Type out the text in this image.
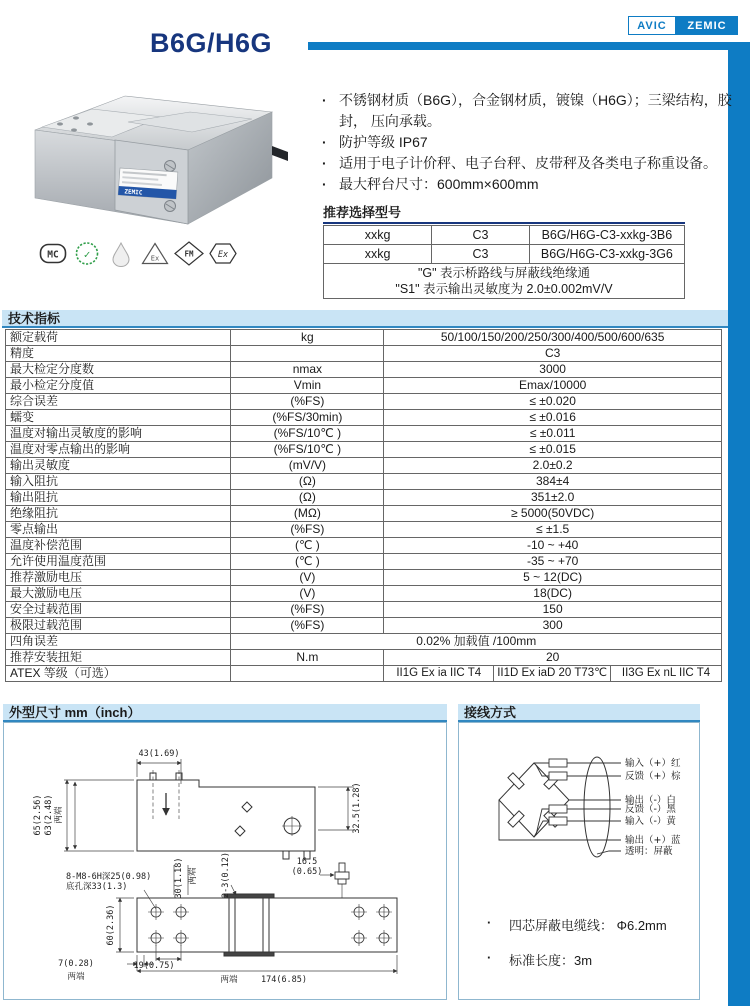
AVIC	ZEMIC
B6G/H6G
ZEMIC
MC ✓	Ex	FM	Ex
· 不锈钢材质（B6G），合金钢材质，镀镍（H6G）；三梁结构，胶封， 压向承载。
· 防护等级 IP67
· 适用于电子计价秤、电子台秤、皮带秤及各类电子称重设备。
· 最大秤台尺寸：600mm×600mm
推荐选择型号
xxkg	C3	B6G/H6G-C3-xxkg-3B6
xxkg	C3	B6G/H6G-C3-xxkg-3G6

"G" 表示桥路线与屏蔽线绝缘通
"S1" 表示输出灵敏度为 2.0±0.002mV/V		
技术指标
额定载荷	kg	50/100/150/200/250/300/400/500/600/635		
精度		C3		
最大检定分度数	nmax	3000		
最小检定分度值	Vmin	Emax/10000		
综合误差	(%FS)	≤ ±0.020		
蠕变	(%FS/30min)	≤ ±0.016		
温度对输出灵敏度的影响	(%FS/10℃ )	≤ ±0.011		
温度对零点输出的影响	(%FS/10℃ )	≤ ±0.015		
输出灵敏度	(mV/V)	2.0±0.2		
输入阻抗	(Ω)	384±4		
输出阻抗	(Ω)	351±2.0		
绝缘阻抗	(MΩ)	≥ 5000(50VDC)		
零点输出	(%FS)	≤ ±1.5		
温度补偿范围	(℃ )	-10 ~ +40		
允许使用温度范围	(℃ )	-35 ~ +70		
推荐激励电压	(V)	5 ~ 12(DC)		
最大激励电压	(V)	18(DC)		
安全过载范围	(%FS)	150		
极限过载范围	(%FS)	300		
四角误差	0.02% 加载值 /100mm			
推荐安装扭矩	N.m	20		
ATEX 等级（可选）		II1G Ex ia IIC T4	II1D Ex iaD 20 T73℃	II3G Ex nL IIC T4
外型尺寸 mm（inch）
43(1.69)
65(2.56) 63(2.48) 两端	32.5(1.28)
8-M8-6H深25(0.98)
底孔深33(1.3)	30(1.18) 两端	2-3(0.12)	16.5
(0.65)
60(2.36)
7(0.28)
两端
19(0.75)
两端	174(6.85)
接线方式
输入（+）红
反馈（+）棕
输出（-）白
反馈（-）黑
输入（-）黄
输出（+）蓝
透明：屏蔽
·	四芯屏蔽电缆线： Φ6.2mm
·	标准长度：3m
